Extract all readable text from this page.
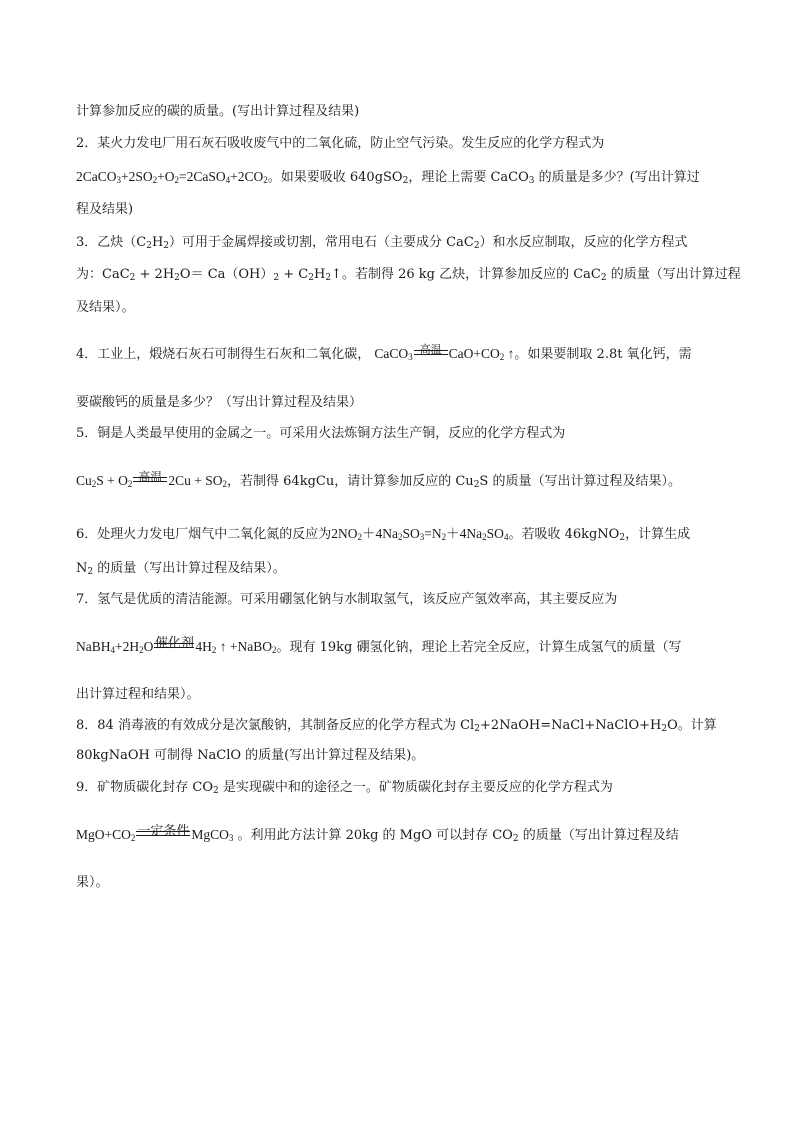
计算参加反应的碳的质量。(写出计算过程及结果)
2．某火力发电厂用石灰石吸收废气中的二氧化硫，防止空气污染。发生反应的化学方程式为
$2CaCO_3+2SO_2+O_2=2CaSO_4+2CO_2$。如果要吸收 640gSO$_2$，理论上需要 CaCO$_3$ 的质量是多少？(写出计算过
程及结果)
3．乙炔$(C_2H_2)$可用于金属焊接或切割，常用电石（主要成分 CaC$_2$）和水反应制取，反应的化学方程式
为：$CaC_2 + 2H_2O= Ca(OH)_2$ + $C_2H_2↑$。若制得 26 kg 乙炔，计算参加反应的 CaC$_2$ 的质量（写出计算过程
及结果）。
4．工业上，煅烧石灰石可制得生石灰和二氧化碳， CaCO$_3$
高温 $CaO+CO_2$ ↑。如果要制取 2.8t 氧化钙，需
要碳酸钙的质量是多少？（写出计算过程及结果）
5．铜是人类最早使用的金属之一。可采用火法炼铜方法生产铜，反应的化学方程式为
$Cu_2S + O_2$ 高温 $2Cu + SO_2$，若制得 64kgCu，请计算参加反应的 $Cu_2S$ 的质量（写出计算过程及结果）。
6．处理火力发电厂烟气中二氧化氮的反应为$2NO_2+4Na_2SO_3=N_2+4Na_2SO_4$。若吸收 46kgNO$_2$，计算生成
$N_2$ 的质量（写出计算过程及结果）。
7．氢气是优质的清洁能源。可采用硼氢化钠与水制取氢气，该反应产氢效率高，其主要反应为
$NaBH_4+2H_2O$ 催化剂 $4H_2$ ↑ +NaBO$_2$。现有 19kg 硼氢化钠，理论上若完全反应，计算生成氢气的质量（写
出计算过程和结果）。
8．84 消毒液的有效成分是次氯酸钠，其制备反应的化学方程式为 $Cl_2+2NaOH=NaCl+NaClO+H_2O$。计算
80kgNaOH 可制得 NaClO 的质量(写出计算过程及结果)。
9．矿物质碳化封存 $CO_2$ 是实现碳中和的途径之一。矿物质碳化封存主要反应的化学方程式为
$MgO+CO_2$ 一定条件 MgCO$_3$ 。利用此方法计算 20kg 的 MgO 可以封存 $CO_2$ 的质量（写出计算过程及结
果）。
